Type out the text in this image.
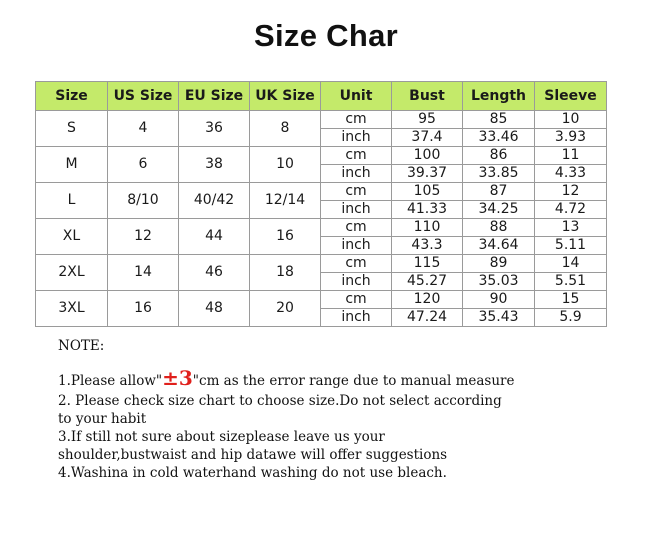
Size Char
Size	US Size	EU Size	UK Size	Unit	Bust	Length	Sleeve
S	4	36	8	cm	95	85	10
				inch	37.4	33.46	3.93
M	6	38	10	cm	100	86	11
				inch	39.37	33.85	4.33
L	8/10	40/42	12/14	cm	105	87	12
				inch	41.33	34.25	4.72
XL	12	44	16	cm	110	88	13
				inch	43.3	34.64	5.11
2XL	14	46	18	cm	115	89	14
				inch	45.27	35.03	5.51
3XL	16	48	20	cm	120	90	15
				inch	47.24	35.43	5.9

NOTE:

1.Please allow"±3"cm as the error range due to manual measure

2. Please check size chart to choose size.Do not select according

to your habit

3.If still not sure about sizeplease leave us your

shoulder,bustwaist and hip datawe will offer suggestions

4.Washina in cold waterhand washing do not use bleach.
